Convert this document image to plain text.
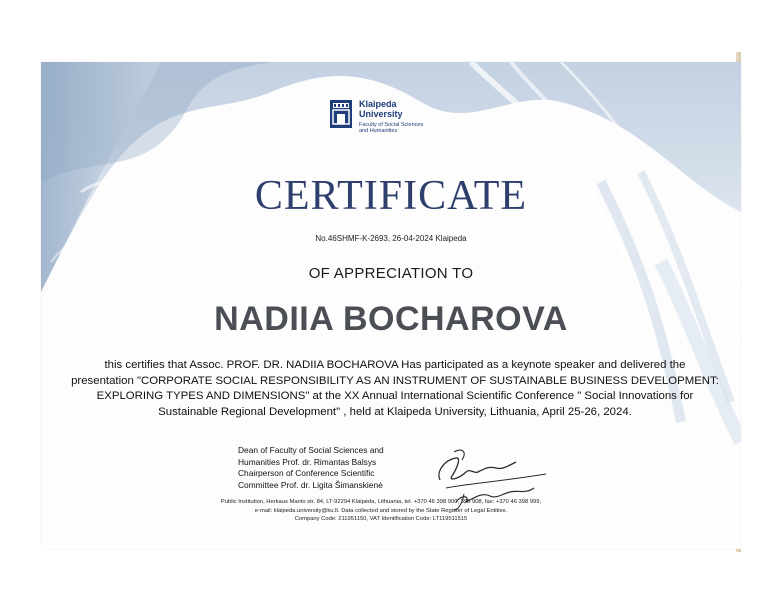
Klaipeda
University
Faculty of Social Sciences and Humanities
CERTIFICATE
No.46SHMF-K-2693, 26-04-2024 Klaipeda
OF APPRECIATION TO
NADIIA BOCHAROVA
this certifies that Assoc. PROF. DR. NADIIA BOCHAROVA Has participated as a keynote speaker and delivered the
presentation "CORPORATE SOCIAL RESPONSIBILITY AS AN INSTRUMENT OF SUSTAINABLE BUSINESS DEVELOPMENT:
EXPLORING TYPES AND DIMENSIONS" at the XX Annual International Scientific Conference " Social Innovations for
Sustainable Regional Development" , held at Klaipeda University, Lithuania, April 25-26, 2024.
Dean of Faculty of Social Sciences and
Humanities Prof. dr. Rimantas Balsys
Chairperson of Conference Scientific
Committee Prof. dr. Ligita Šimanskienė
Public Institution, Herkaus Manto str. 84, LT-92294 Klaipėda, Lithuania, tel. +370 46 398 900, 398 908, fax: +370 46 398 999,
e-mail: klaipeda.university@ku.lt. Data collected and stored by the State Register of Legal Entities.
Company Code: 211951150, VAT Identification Code: LT119511515
